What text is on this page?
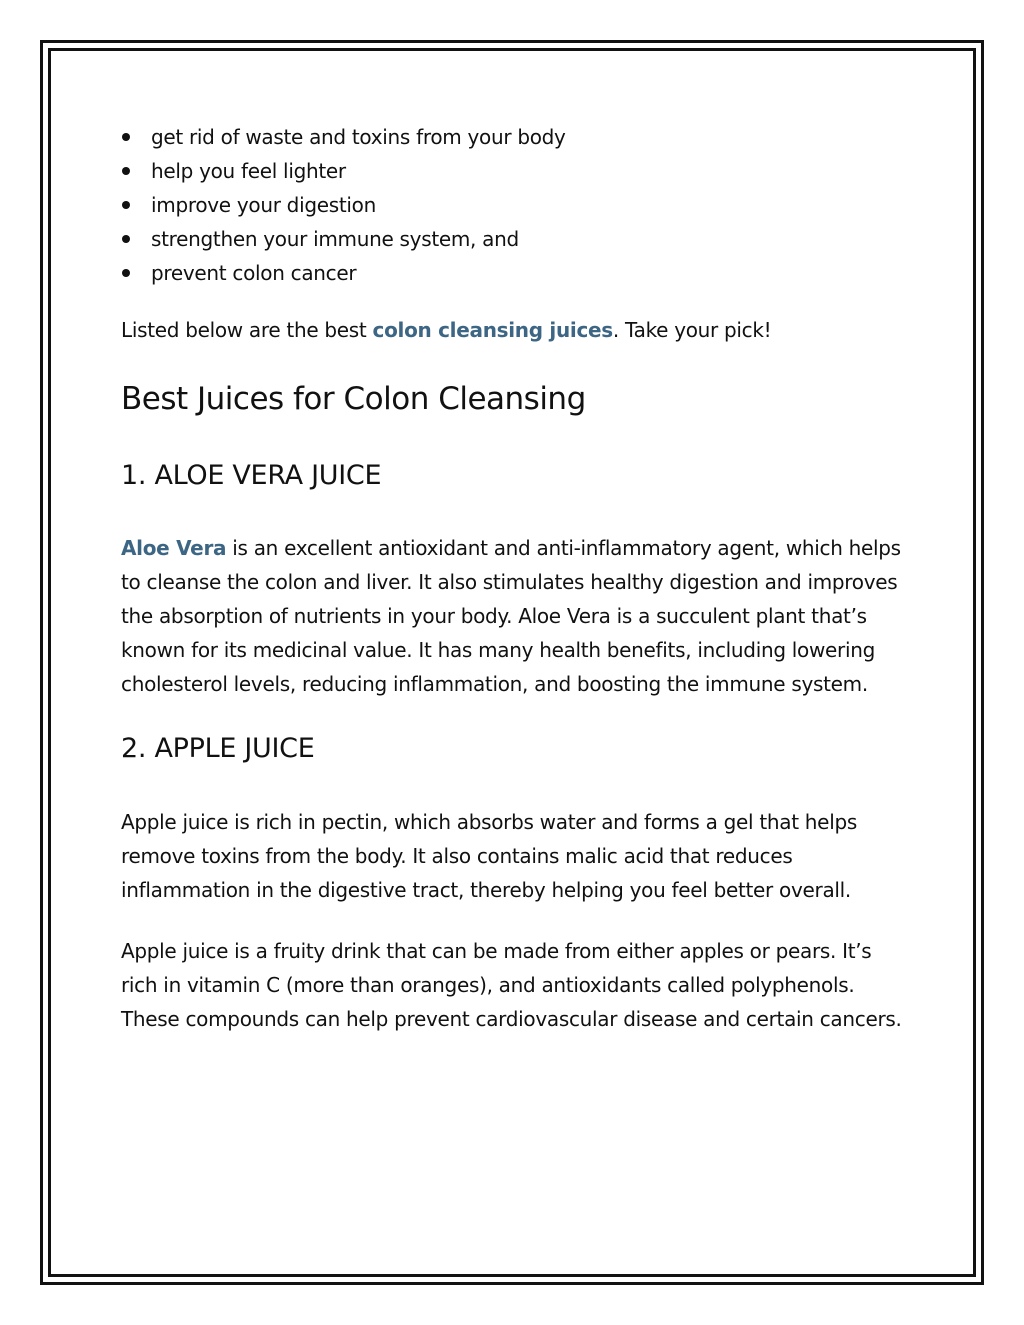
get rid of waste and toxins from your body
help you feel lighter
improve your digestion
strengthen your immune system, and
prevent colon cancer

Listed below are the best colon cleansing juices. Take your pick!

Best Juices for Colon Cleansing
1. ALOE VERA JUICE

Aloe Vera is an excellent antioxidant and anti-inflammatory agent, which helps to cleanse the colon and liver. It also stimulates healthy digestion and improves the absorption of nutrients in your body. Aloe Vera is a succulent plant that’s known for its medicinal value. It has many health benefits, including lowering cholesterol levels, reducing inflammation, and boosting the immune system.

2. APPLE JUICE

Apple juice is rich in pectin, which absorbs water and forms a gel that helps remove toxins from the body. It also contains malic acid that reduces inflammation in the digestive tract, thereby helping you feel better overall.

Apple juice is a fruity drink that can be made from either apples or pears. It’s rich in vitamin C (more than oranges), and antioxidants called polyphenols. These compounds can help prevent cardiovascular disease and certain cancers.
